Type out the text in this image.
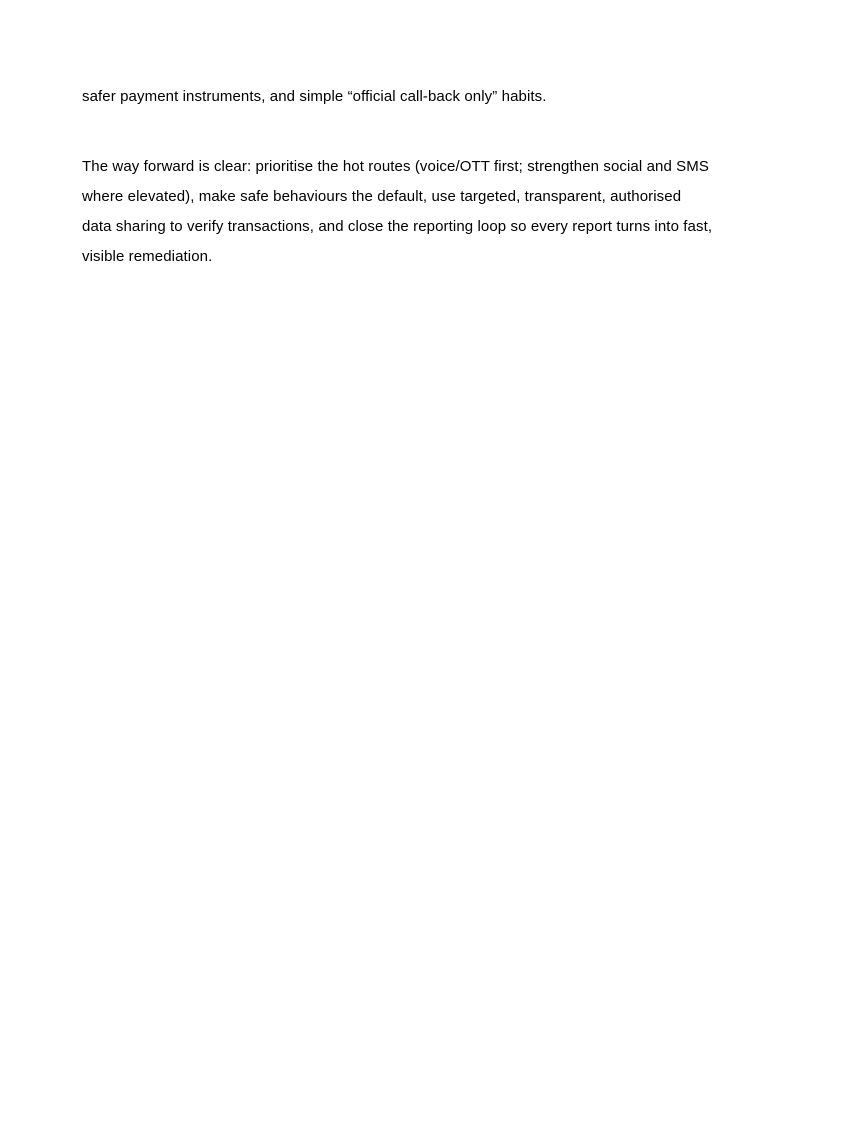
safer payment instruments, and simple “official call-back only” habits.

The way forward is clear: prioritise the hot routes (voice/OTT first; strengthen social and SMS
where elevated), make safe behaviours the default, use targeted, transparent, authorised
data sharing to verify transactions, and close the reporting loop so every report turns into fast,
visible remediation.
